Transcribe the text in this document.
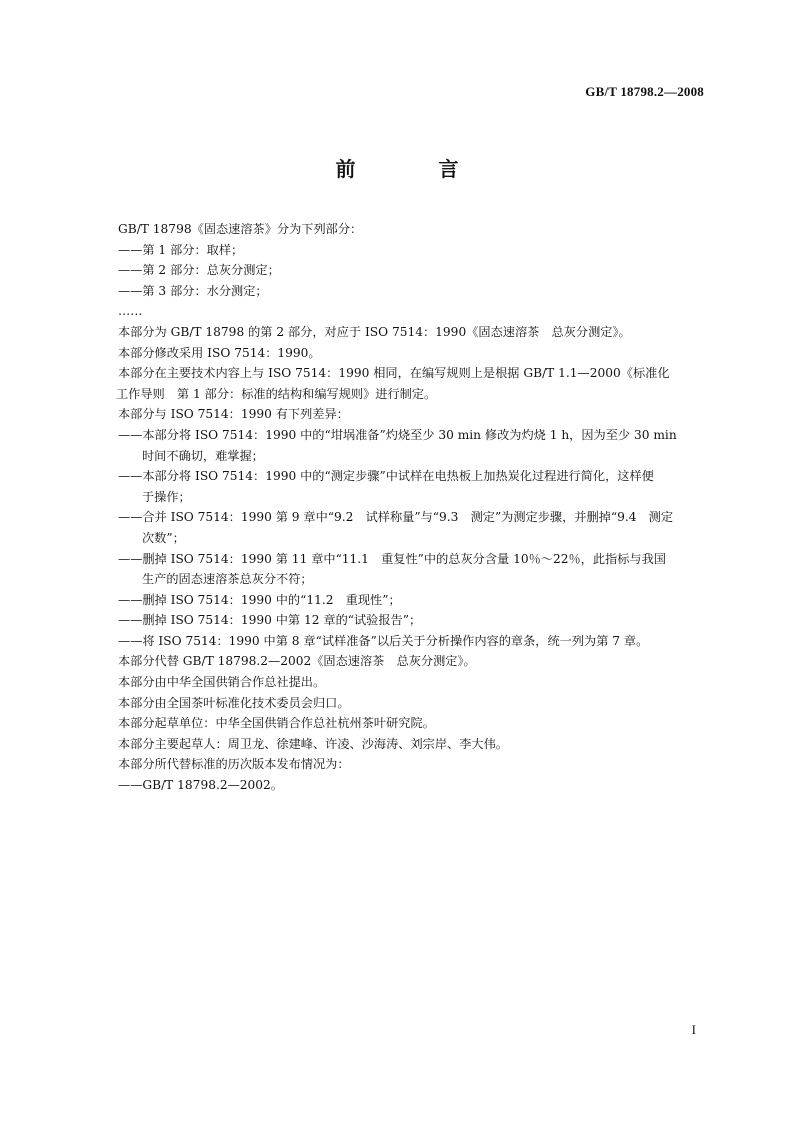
GB/T 18798.2—2008
前 言
GB/T 18798《固态速溶茶》分为下列部分：
——第 1 部分：取样；
——第 2 部分：总灰分测定；
——第 3 部分：水分测定；
……
本部分为 GB/T 18798 的第 2 部分，对应于 ISO 7514：1990《固态速溶茶　总灰分测定》。
本部分修改采用 ISO 7514：1990。
本部分在主要技术内容上与 ISO 7514：1990 相同，在编写规则上是根据 GB/T 1.1—2000《标准化
工作导则　第 1 部分：标准的结构和编写规则》进行制定。
本部分与 ISO 7514：1990 有下列差异：
——本部分将 ISO 7514：1990 中的“坩埚准备”灼烧至少 30 min 修改为灼烧 1 h，因为至少 30 min
时间不确切，难掌握；
——本部分将 ISO 7514：1990 中的“测定步骤”中试样在电热板上加热炭化过程进行简化，这样便
于操作；
——合并 ISO 7514：1990 第 9 章中“9.2　试样称量”与“9.3　测定”为测定步骤，并删掉“9.4　测定
次数”；
——删掉 ISO 7514：1990 第 11 章中“11.1　重复性”中的总灰分含量 10％～22％，此指标与我国
生产的固态速溶茶总灰分不符；
——删掉 ISO 7514：1990 中的“11.2　重现性”；
——删掉 ISO 7514：1990 中第 12 章的“试验报告”；
——将 ISO 7514：1990 中第 8 章“试样准备”以后关于分析操作内容的章条，统一列为第 7 章。
本部分代替 GB/T 18798.2—2002《固态速溶茶　总灰分测定》。
本部分由中华全国供销合作总社提出。
本部分由全国茶叶标准化技术委员会归口。
本部分起草单位：中华全国供销合作总社杭州茶叶研究院。
本部分主要起草人：周卫龙、徐建峰、许凌、沙海涛、刘宗岸、李大伟。
本部分所代替标准的历次版本发布情况为：
——GB/T 18798.2—2002。
I
